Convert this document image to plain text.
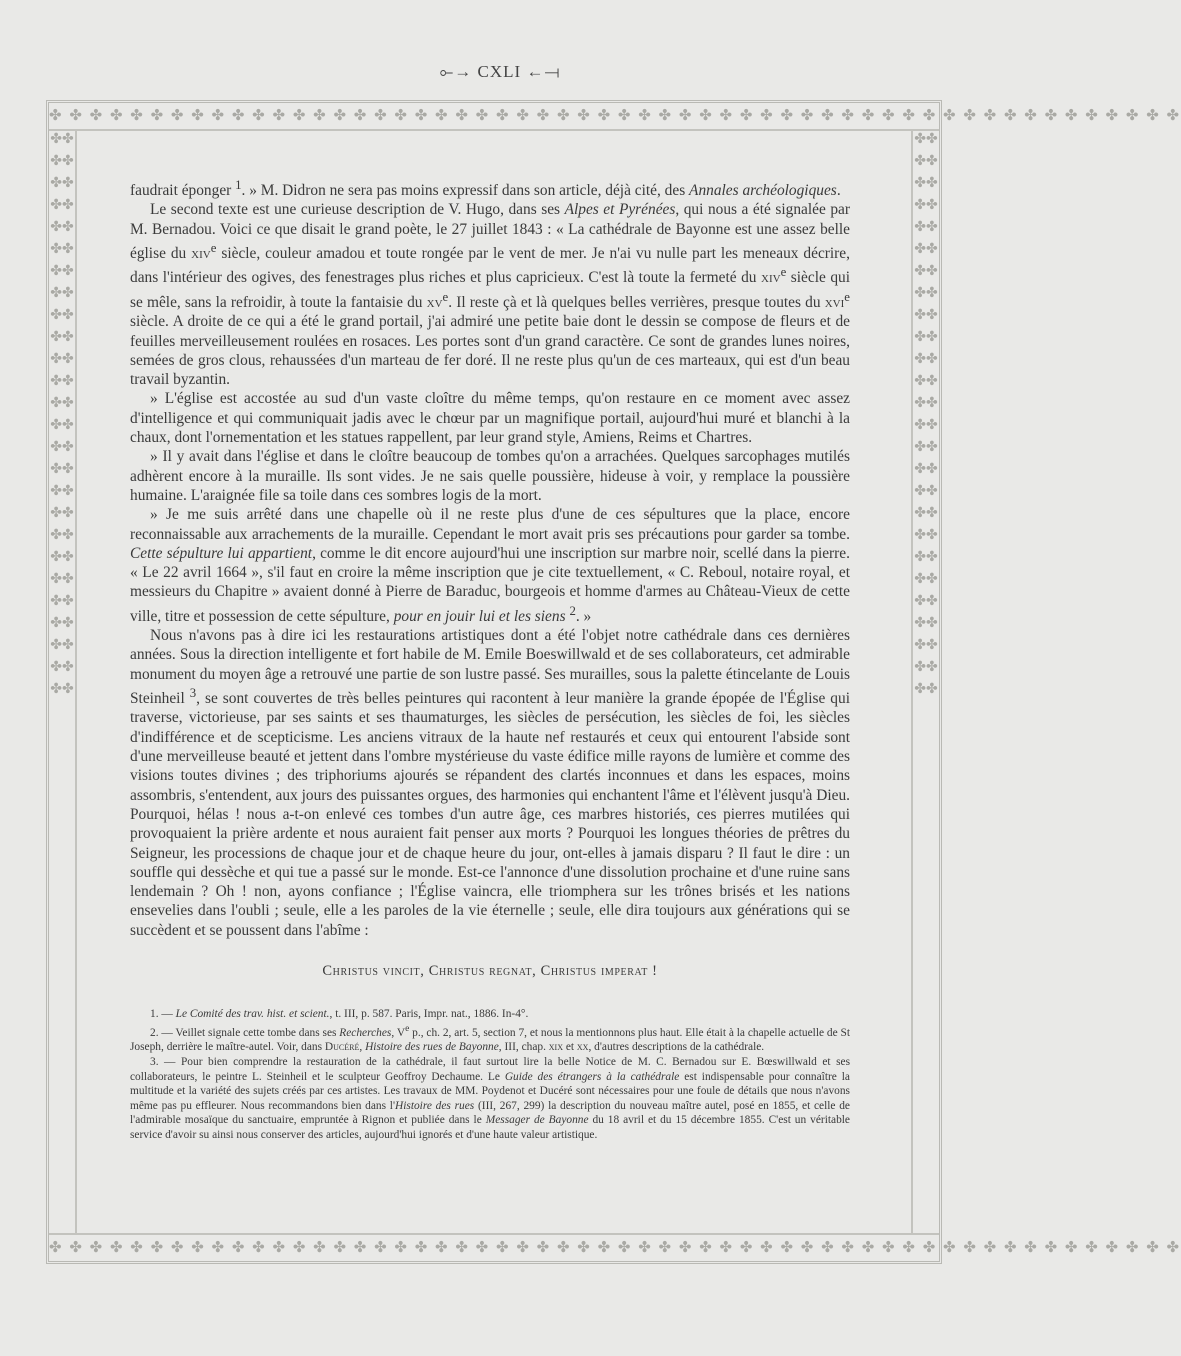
⟜→ CXLI ←⟞
✤ ✤ ✤ ✤ ✤ ✤ ✤ ✤ ✤ ✤ ✤ ✤ ✤ ✤ ✤ ✤ ✤ ✤ ✤ ✤ ✤ ✤ ✤ ✤ ✤ ✤ ✤ ✤ ✤ ✤ ✤ ✤ ✤ ✤ ✤ ✤ ✤ ✤ ✤ ✤ ✤ ✤ ✤ ✤ ✤ ✤ ✤ ✤ ✤ ✤ ✤ ✤ ✤ ✤ ✤ ✤
✤✤✤✤✤✤✤✤✤✤✤✤✤✤✤✤✤✤✤✤✤✤✤✤✤✤✤✤✤✤✤✤✤✤✤✤✤✤✤✤✤✤✤✤✤✤✤✤✤✤✤✤
✤✤✤✤✤✤✤✤✤✤✤✤✤✤✤✤✤✤✤✤✤✤✤✤✤✤✤✤✤✤✤✤✤✤✤✤✤✤✤✤✤✤✤✤✤✤✤✤✤✤✤✤
✤ ✤ ✤ ✤ ✤ ✤ ✤ ✤ ✤ ✤ ✤ ✤ ✤ ✤ ✤ ✤ ✤ ✤ ✤ ✤ ✤ ✤ ✤ ✤ ✤ ✤ ✤ ✤ ✤ ✤ ✤ ✤ ✤ ✤ ✤ ✤ ✤ ✤ ✤ ✤ ✤ ✤ ✤ ✤ ✤ ✤ ✤ ✤ ✤ ✤ ✤ ✤ ✤ ✤ ✤ ✤

faudrait éponger $^1$. » M. Didron ne sera pas moins expressif dans son article, déjà cité, des Annales archéologiques.

Le second texte est une curieuse description de V. Hugo, dans ses Alpes et Pyrénées, qui nous a été signalée par M. Bernadou. Voici ce que disait le grand poète, le 27 juillet 1843 : « La cathédrale de Bayonne est une assez belle église du xiv$^e$ siècle, couleur amadou et toute rongée par le vent de mer. Je n'ai vu nulle part les meneaux décrire, dans l'intérieur des ogives, des fenestrages plus riches et plus capricieux. C'est là toute la fermeté du xiv$^e$ siècle qui se mêle, sans la refroidir, à toute la fantaisie du $xv^e$. Il reste çà et là quelques belles verrières, presque toutes du xvi$^e$ siècle. A droite de ce qui a été le grand portail, j'ai admiré une petite baie dont le dessin se compose de fleurs et de feuilles merveilleusement roulées en rosaces. Les portes sont d'un grand caractère. Ce sont de grandes lunes noires, semées de gros clous, rehaussées d'un marteau de fer doré. Il ne reste plus qu'un de ces marteaux, qui est d'un beau travail byzantin.

» L'église est accostée au sud d'un vaste cloître du même temps, qu'on restaure en ce moment avec assez d'intelligence et qui communiquait jadis avec le chœur par un magnifique portail, aujourd'hui muré et blanchi à la chaux, dont l'ornementation et les statues rappellent, par leur grand style, Amiens, Reims et Chartres.

» Il y avait dans l'église et dans le cloître beaucoup de tombes qu'on a arrachées. Quelques sarcophages mutilés adhèrent encore à la muraille. Ils sont vides. Je ne sais quelle poussière, hideuse à voir, y remplace la poussière humaine. L'araignée file sa toile dans ces sombres logis de la mort.

» Je me suis arrêté dans une chapelle où il ne reste plus d'une de ces sépultures que la place, encore reconnaissable aux arrachements de la muraille. Cependant le mort avait pris ses précautions pour garder sa tombe. Cette sépulture lui appartient, comme le dit encore aujourd'hui une inscription sur marbre noir, scellé dans la pierre. « Le 22 avril 1664 », s'il faut en croire la même inscription que je cite textuellement, « C. Reboul, notaire royal, et messieurs du Chapitre » avaient donné à Pierre de Baraduc, bourgeois et homme d'armes au Château-Vieux de cette ville, titre et possession de cette sépulture, pour en jouir lui et les siens $^2$. »

Nous n'avons pas à dire ici les restaurations artistiques dont a été l'objet notre cathédrale dans ces dernières années. Sous la direction intelligente et fort habile de M. Emile Boeswillwald et de ses collaborateurs, cet admirable monument du moyen âge a retrouvé une partie de son lustre passé. Ses murailles, sous la palette étincelante de Louis Steinheil $^3$, se sont couvertes de très belles peintures qui racontent à leur manière la grande épopée de l'Église qui traverse, victorieuse, par ses saints et ses thaumaturges, les siècles de persécution, les siècles de foi, les siècles d'indifférence et de scepticisme. Les anciens vitraux de la haute nef restaurés et ceux qui entourent l'abside sont d'une merveilleuse beauté et jettent dans l'ombre mystérieuse du vaste édifice mille rayons de lumière et comme des visions toutes divines ; des triphoriums ajourés se répandent des clartés inconnues et dans les espaces, moins assombris, s'entendent, aux jours des puissantes orgues, des harmonies qui enchantent l'âme et l'élèvent jusqu'à Dieu. Pourquoi, hélas ! nous a-t-on enlevé ces tombes d'un autre âge, ces marbres historiés, ces pierres mutilées qui provoquaient la prière ardente et nous auraient fait penser aux morts ? Pourquoi les longues théories de prêtres du Seigneur, les processions de chaque jour et de chaque heure du jour, ont-elles à jamais disparu ? Il faut le dire : un souffle qui dessèche et qui tue a passé sur le monde. Est-ce l'annonce d'une dissolution prochaine et d'une ruine sans lendemain ? Oh ! non, ayons confiance ; l'Église vaincra, elle triomphera sur les trônes brisés et les nations ensevelies dans l'oubli ; seule, elle a les paroles de la vie éternelle ; seule, elle dira toujours aux générations qui se succèdent et se poussent dans l'abîme :

Christus vincit, Christus regnat, Christus imperat !

1. — Le Comité des trav. hist. et scient., t. III, p. 587. Paris, Impr. nat., 1886. In-4°.

2. — Veillet signale cette tombe dans ses Recherches, Ve p., ch. 2, art. 5, section 7, et nous la mentionnons plus haut. Elle était à la chapelle actuelle de St Joseph, derrière le maître-autel. Voir, dans Ducéré, Histoire des rues de Bayonne, III, chap. xix et xx, d'autres descriptions de la cathédrale.

3. — Pour bien comprendre la restauration de la cathédrale, il faut surtout lire la belle Notice de M. C. Bernadou sur E. Bœswillwald et ses collaborateurs, le peintre L. Steinheil et le sculpteur Geoffroy Dechaume. Le Guide des étrangers à la cathédrale est indispensable pour connaître la multitude et la variété des sujets créés par ces artistes. Les travaux de MM. Poydenot et Ducéré sont nécessaires pour une foule de détails que nous n'avons même pas pu effleurer. Nous recommandons bien dans l'Histoire des rues (III, 267, 299) la description du nouveau maître autel, posé en 1855, et celle de l'admirable mosaïque du sanctuaire, empruntée à Rignon et publiée dans le Messager de Bayonne du 18 avril et du 15 décembre 1855. C'est un véritable service d'avoir su ainsi nous conserver des articles, aujourd'hui ignorés et d'une haute valeur artistique.
